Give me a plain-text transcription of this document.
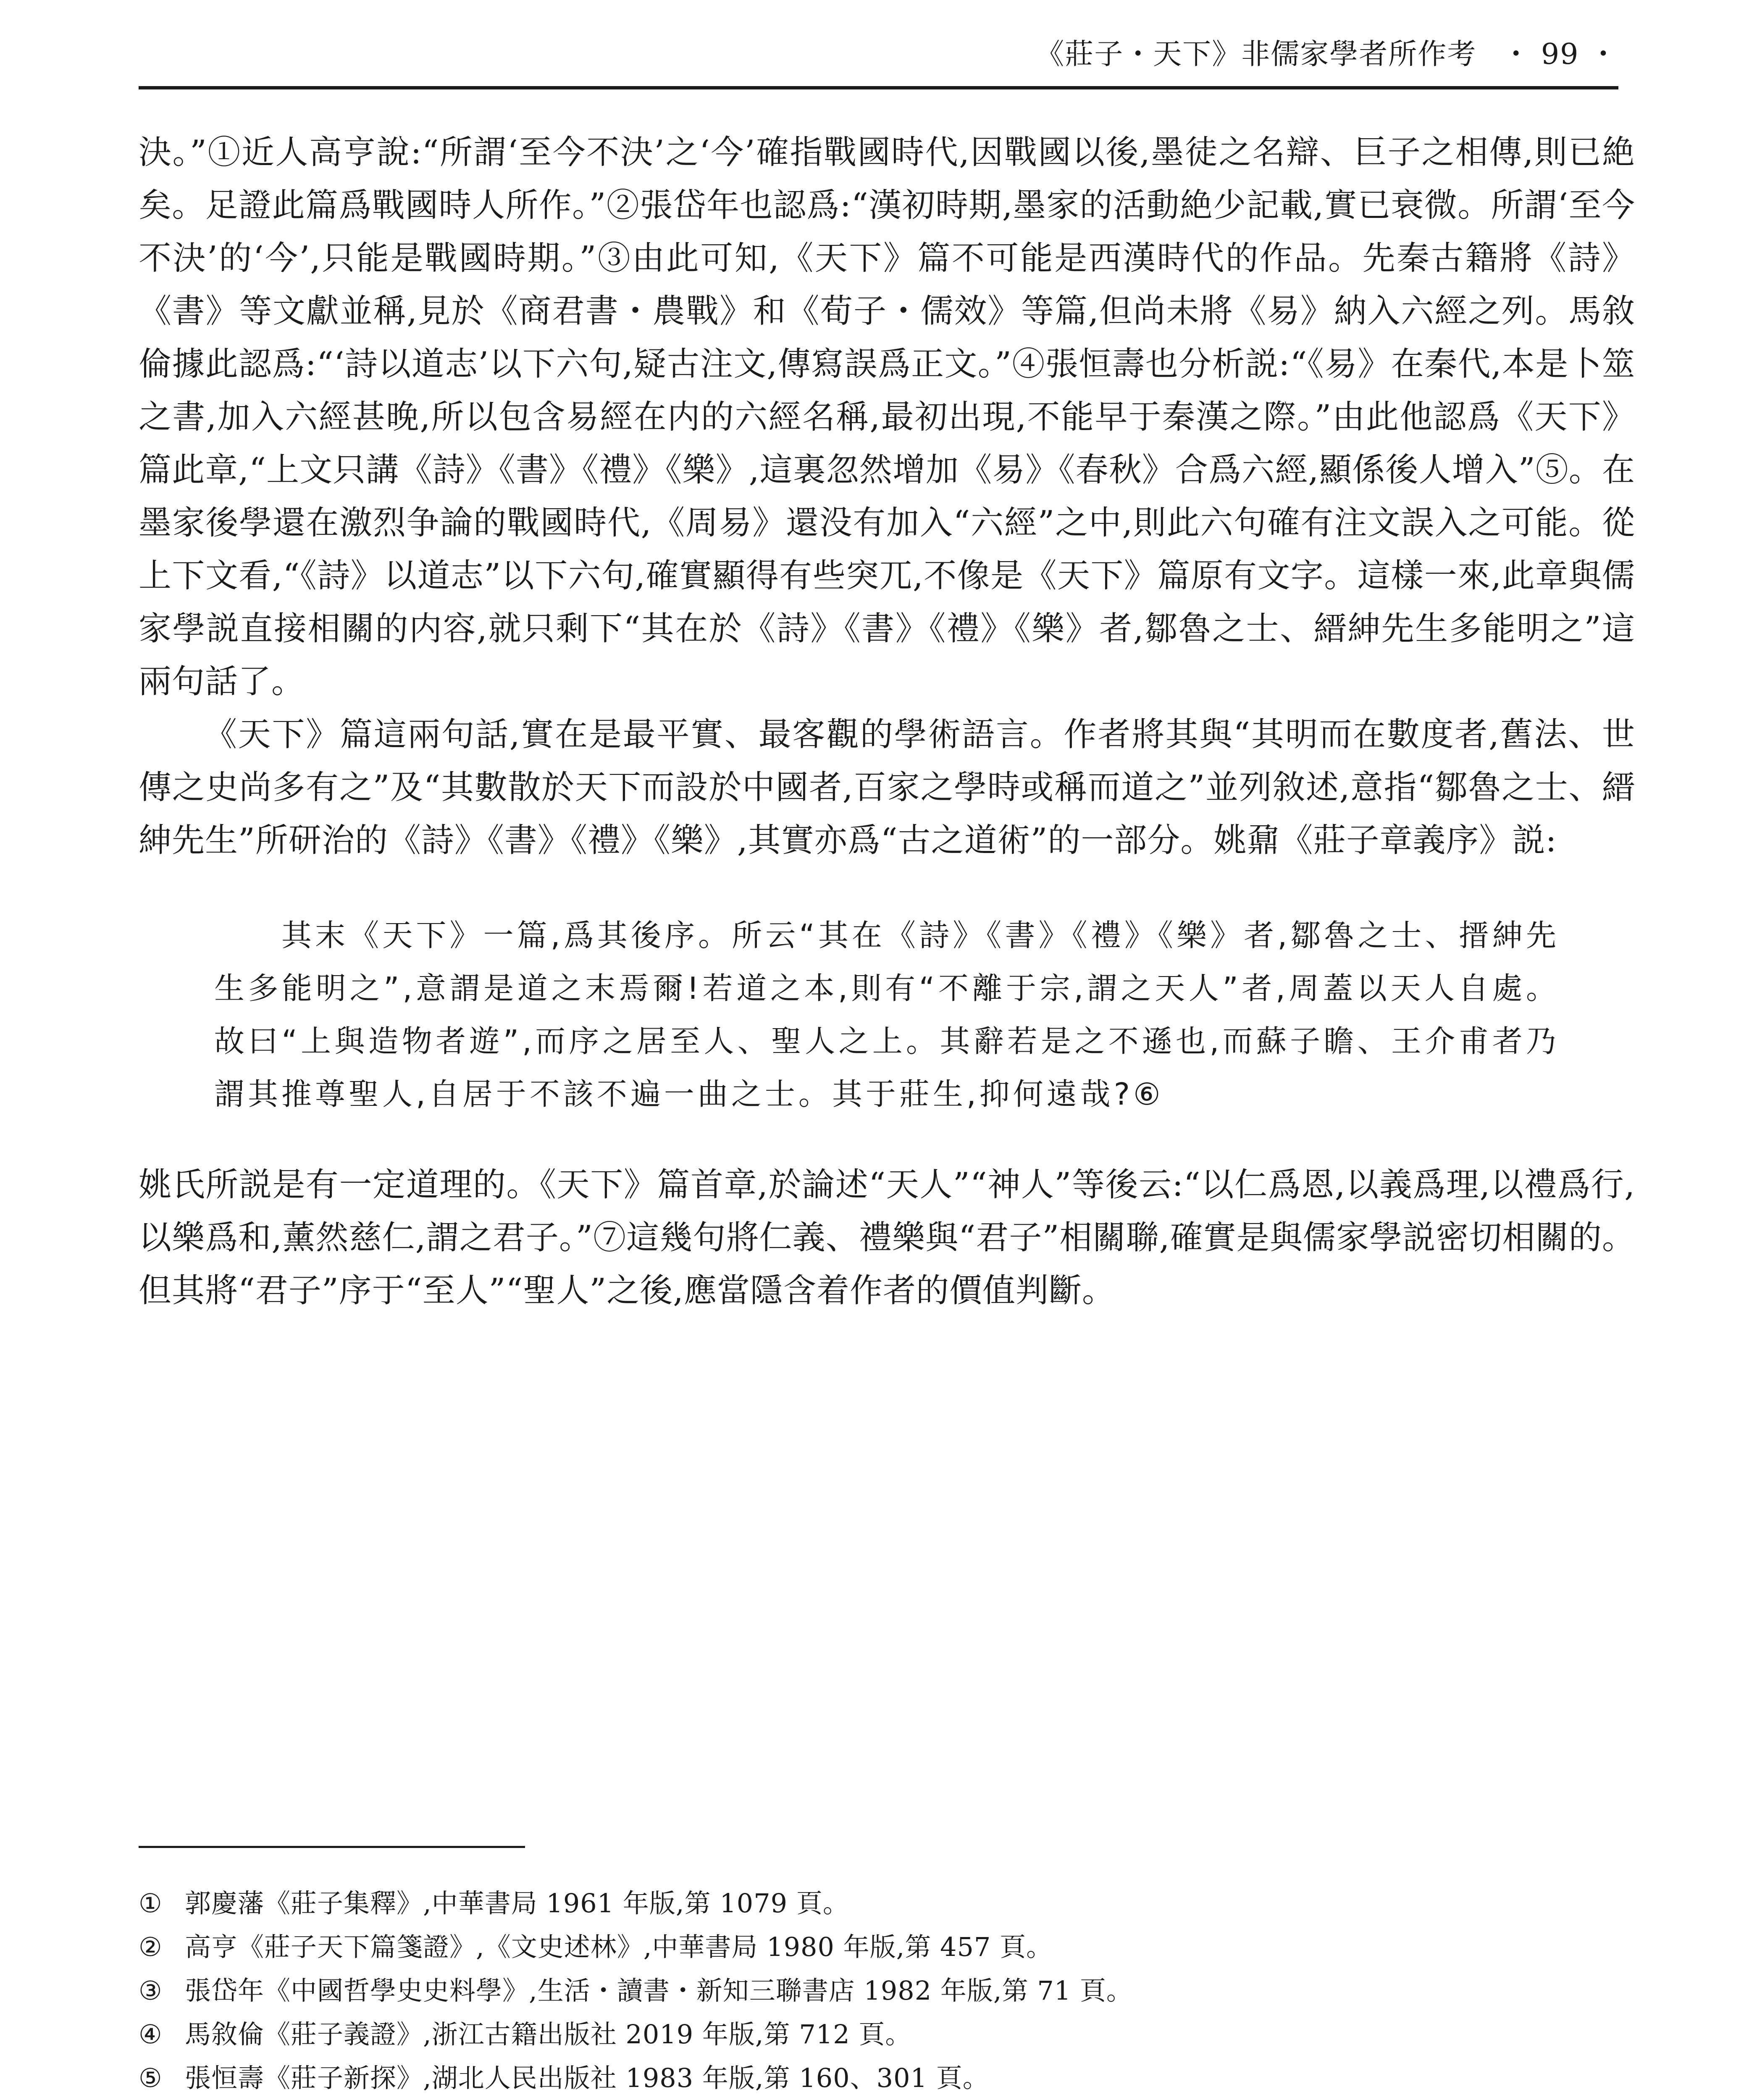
《莊子・天下》非儒家學者所作考 ・ 99 ・

決。”①近人高亨說:“所謂‘至今不決’之‘今’確指戰國時代,因戰國以後,墨徒之名辯、巨子之相傳,則已絶矣。足證此篇爲戰國時人所作。”②張岱年也認爲:“漢初時期,墨家的活動絶少記載,實已衰微。所謂‘至今不決’的‘今’,只能是戰國時期。”③由此可知,《天下》篇不可能是西漢時代的作品。先秦古籍將《詩》《書》等文獻並稱,見於《商君書・農戰》和《荀子・儒效》等篇,但尚未將《易》納入六經之列。馬敘倫據此認爲:“‘詩以道志’以下六句,疑古注文,傳寫誤爲正文。”④張恒壽也分析説:“《易》在秦代,本是卜筮之書,加入六經甚晚,所以包含易經在内的六經名稱,最初出現,不能早于秦漢之際。”由此他認爲《天下》篇此章,“上文只講《詩》《書》《禮》《樂》,這裏忽然增加《易》《春秋》合爲六經,顯係後人增入”⑤。在墨家後學還在激烈争論的戰國時代,《周易》還没有加入“六經”之中,則此六句確有注文誤入之可能。從上下文看,“《詩》以道志”以下六句,確實顯得有些突兀,不像是《天下》篇原有文字。這樣一來,此章與儒家學説直接相關的内容,就只剩下“其在於《詩》《書》《禮》《樂》者,鄒魯之士、縉紳先生多能明之”這兩句話了。

《天下》篇這兩句話,實在是最平實、最客觀的學術語言。作者將其與“其明而在數度者,舊法、世傳之史尚多有之”及“其數散於天下而設於中國者,百家之學時或稱而道之”並列敘述,意指“鄒魯之士、縉紳先生”所研治的《詩》《書》《禮》《樂》,其實亦爲“古之道術”的一部分。姚鼐《莊子章義序》説:

其末《天下》一篇,爲其後序。所云“其在《詩》《書》《禮》《樂》者,鄒魯之士、搢紳先生多能明之”,意謂是道之末焉爾!若道之本,則有“不離于宗,謂之天人”者,周蓋以天人自處。故曰“上與造物者遊”,而序之居至人、聖人之上。其辭若是之不遜也,而蘇子瞻、王介甫者乃謂其推尊聖人,自居于不該不遍一曲之士。其于莊生,抑何遠哉?⑥

姚氏所説是有一定道理的。《天下》篇首章,於論述“天人”“神人”等後云:“以仁爲恩,以義爲理,以禮爲行,以樂爲和,薰然慈仁,謂之君子。”⑦這幾句將仁義、禮樂與“君子”相關聯,確實是與儒家學説密切相關的。但其將“君子”序于“至人”“聖人”之後,應當隱含着作者的價值判斷。

① 郭慶藩《莊子集釋》,中華書局 1961 年版,第 1079 頁。

② 高亨《莊子天下篇箋證》,《文史述林》,中華書局 1980 年版,第 457 頁。

③ 張岱年《中國哲學史史料學》,生活・讀書・新知三聯書店 1982 年版,第 71 頁。

④ 馬敘倫《莊子義證》,浙江古籍出版社 2019 年版,第 712 頁。

⑤ 張恒壽《莊子新探》,湖北人民出版社 1983 年版,第 160、301 頁。
